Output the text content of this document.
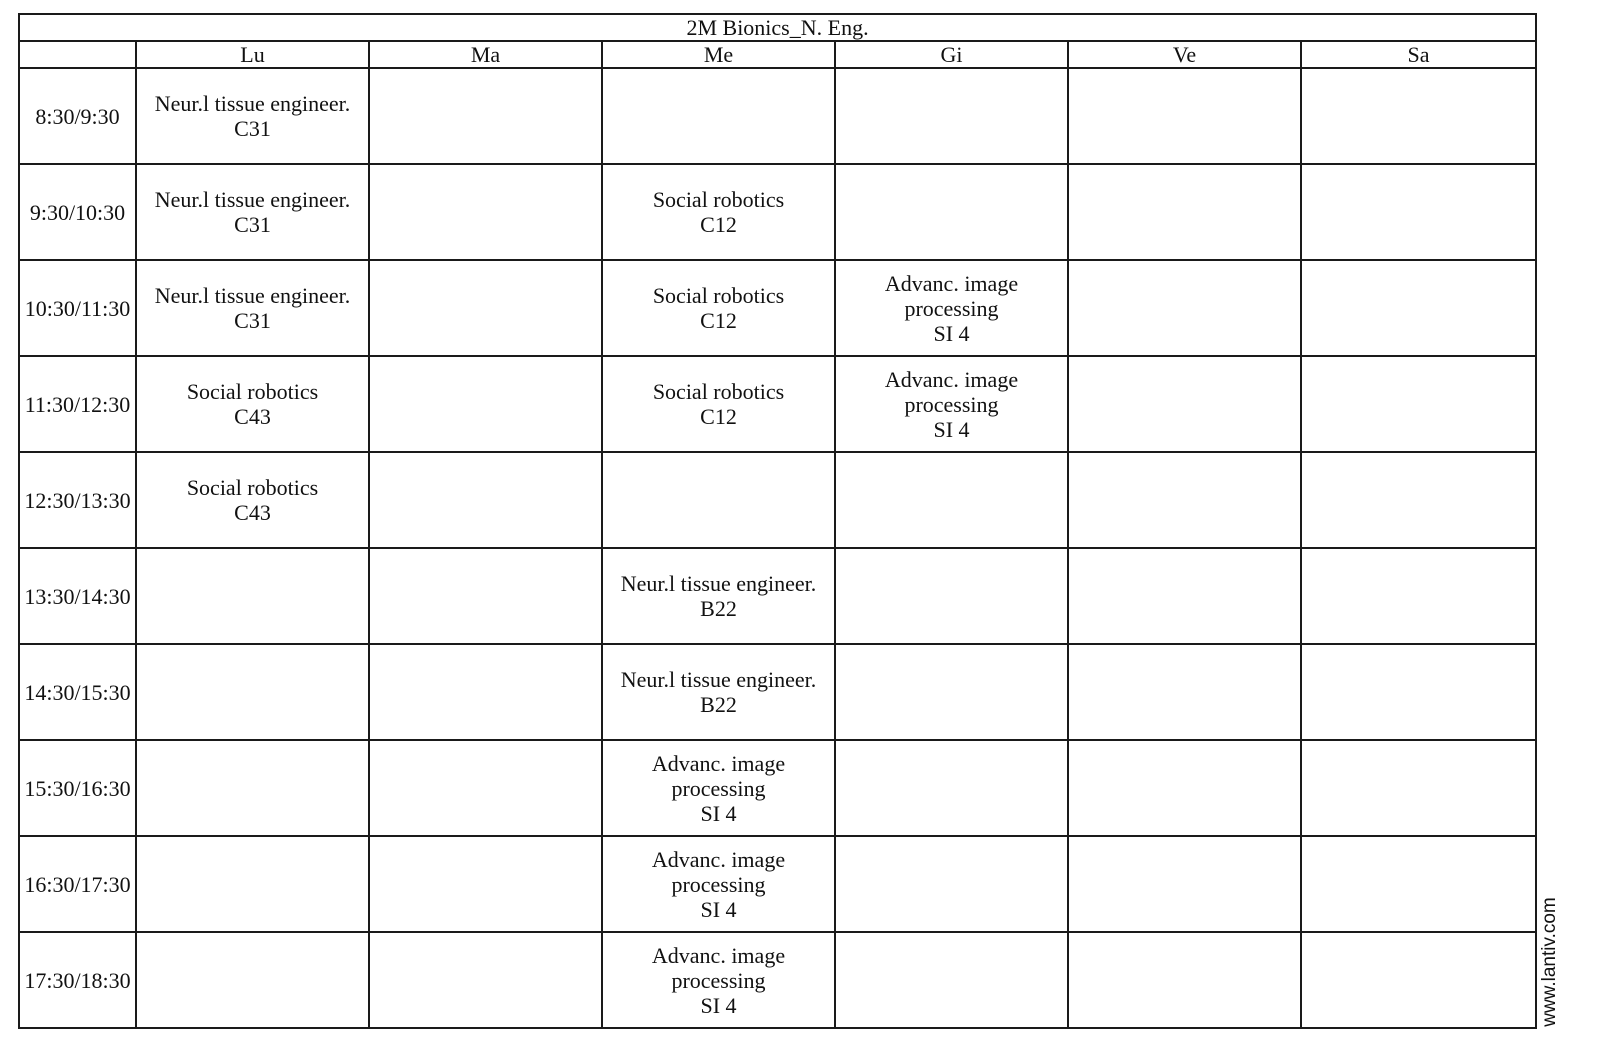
2M Bionics_N. Eng.						
	Lu	Ma	Me	Gi	Ve	Sa
8:30/9:30	Neur.l tissue engineer.
C31					

9:30/10:30	Neur.l tissue engineer.
C31		Social robotics
C12			

10:30/11:30	Neur.l tissue engineer.
C31		Social robotics
C12	Advanc. image
processing
SI 4		

11:30/12:30	Social robotics
C43		Social robotics
C12	Advanc. image
processing
SI 4		

12:30/13:30	Social robotics
C43					

13:30/14:30			Neur.l tissue engineer.
B22			

14:30/15:30			Neur.l tissue engineer.
B22			

15:30/16:30			Advanc. image
processing
SI 4			

16:30/17:30			Advanc. image
processing
SI 4			

17:30/18:30			Advanc. image
processing
SI 4			
				www.lantiv.com
